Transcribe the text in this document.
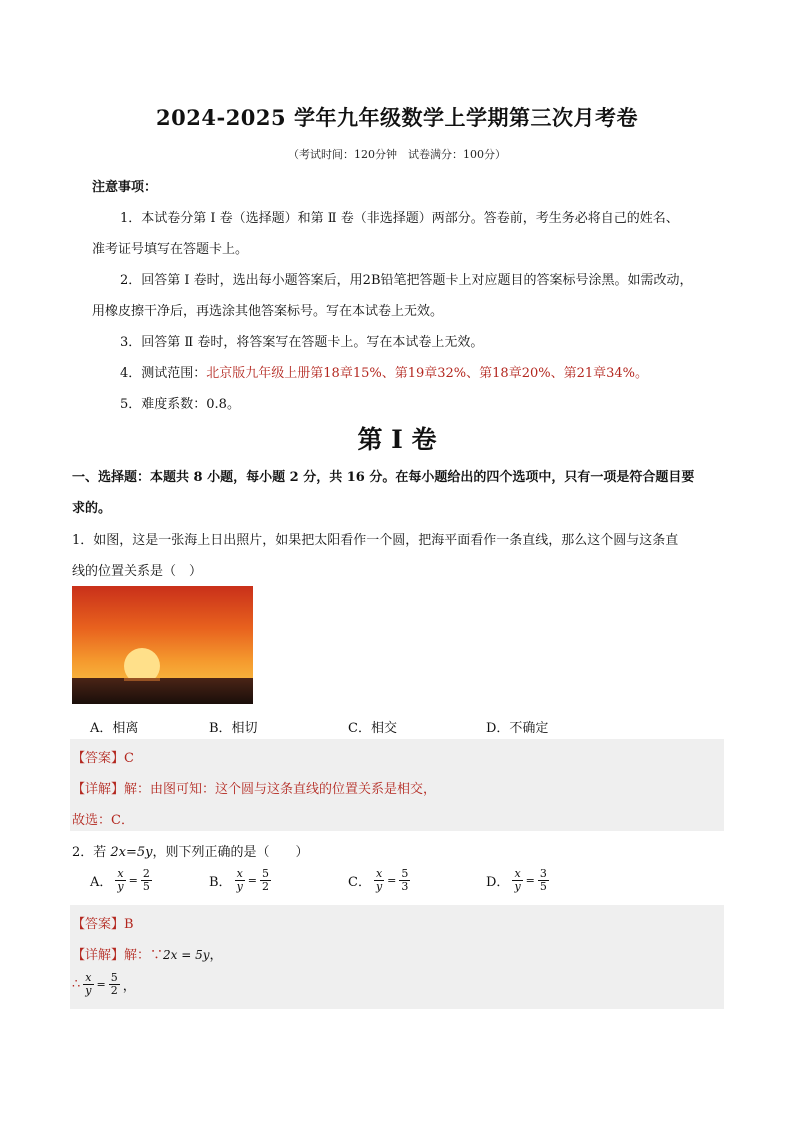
2024-2025 学年九年级数学上学期第三次月考卷
（考试时间：120分钟　试卷满分：100分）
注意事项：
1．本试卷分第 Ⅰ 卷（选择题）和第 Ⅱ 卷（非选择题）两部分。答卷前，考生务必将自己的姓名、
准考证号填写在答题卡上。
2．回答第 Ⅰ 卷时，选出每小题答案后，用2B铅笔把答题卡上对应题目的答案标号涂黑。如需改动，
用橡皮擦干净后，再选涂其他答案标号。写在本试卷上无效。
3．回答第 Ⅱ 卷时，将答案写在答题卡上。写在本试卷上无效。
4．测试范围：北京版九年级上册第18章15%、第19章32%、第18章20%、第21章34%。
5．难度系数：0.8。
第 Ⅰ 卷
一、选择题：本题共 8 小题，每小题 2 分，共 16 分。在每小题给出的四个选项中，只有一项是符合题目要
求的。
1．如图，这是一张海上日出照片，如果把太阳看作一个圆，把海平面看作一条直线，那么这个圆与这条直
线的位置关系是（　）
A．相离	B．相切	C．相交	D．不确定
【答案】C
【详解】解：由图可知：这个圆与这条直线的位置关系是相交，
故选：C．
2．若 2x=5y，则下列正确的是（　　）
A． $\frac{x}{y} = \frac{2}{5}$	B． $\frac{x}{y} = \frac{5}{2}$	C． $\frac{x}{y} = \frac{5}{3}$	D． $\frac{x}{y} = \frac{3}{5}$
【答案】B
【详解】解：∵2x = 5y，
∴ $\frac{x}{y} = \frac{5}{2}$ ，
